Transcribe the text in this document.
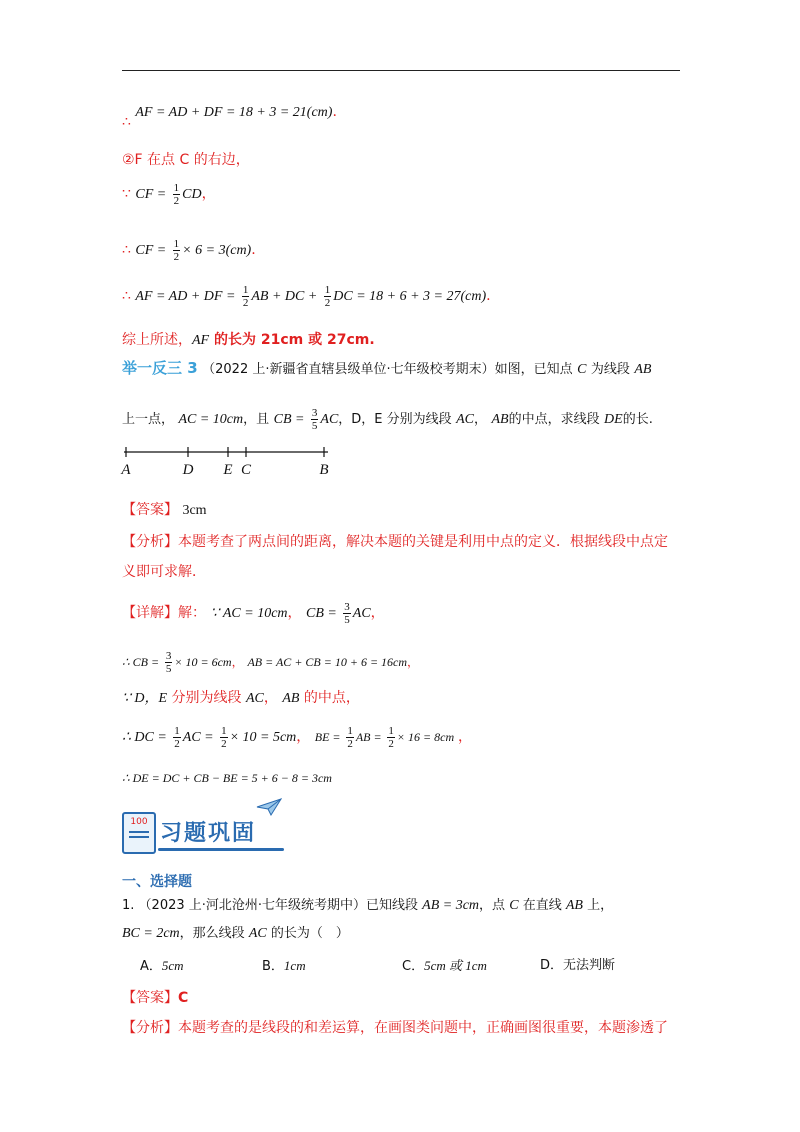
∴ AF = AD + DF = 18 + 3 = 21(cm).
②F 在点 C 的右边，
∵ CF = $\frac{1}{2}$ CD，
∴ CF = $\frac{1}{2} \times 6 = 3(cm)$.
∴ AF = AD + DF = $\frac{1}{2}$ AB + DC + $\frac{1}{2}$ DC = 18 + 6 + 3 = 27(cm).
综上所述，AF 的长为 21cm 或 27cm.
举一反三 3 （2022 上·新疆省直辖县级单位·七年级校考期末）如图，已知点 C 为线段 AB
上一点， AC = 10cm，且 CB = $\frac{3}{5}$ AC，D，E 分别为线段 AC， AB的中点，求线段 DE的长.
A	D E C	B
【答案】 3cm
【分析】本题考查了两点间的距离，解决本题的关键是利用中点的定义．根据线段中点定
义即可求解．
【详解】解： ∵ AC = 10cm， CB = $\frac{3}{5}$ AC，
∴ CB = $\frac{3}{5} \times 10 = 6cm$， AB = AC + CB = 10 + 6 = 16cm，
∵ D，E 分别为线段 AC， AB 的中点，
∴ DC = $\frac{1}{2}$ AC = $\frac{1}{2} \times 10 = 5cm$， BE = $\frac{1}{2}$ AB = $\frac{1}{2} \times 16 = 8cm$ ，
∴ DE = DC + CB − BE = 5 + 6 − 8 = 3cm
100 习题巩固
一、选择题
1. （2023 上·河北沧州·七年级统考期中）已知线段 AB = 3cm，点 C 在直线 AB 上，
BC = 2cm，那么线段 AC 的长为（　）
A．5cm	B．1cm	C．5cm 或 1cm	D．无法判断
【答案】C
【分析】本题考查的是线段的和差运算，在画图类问题中，正确画图很重要，本题渗透了
